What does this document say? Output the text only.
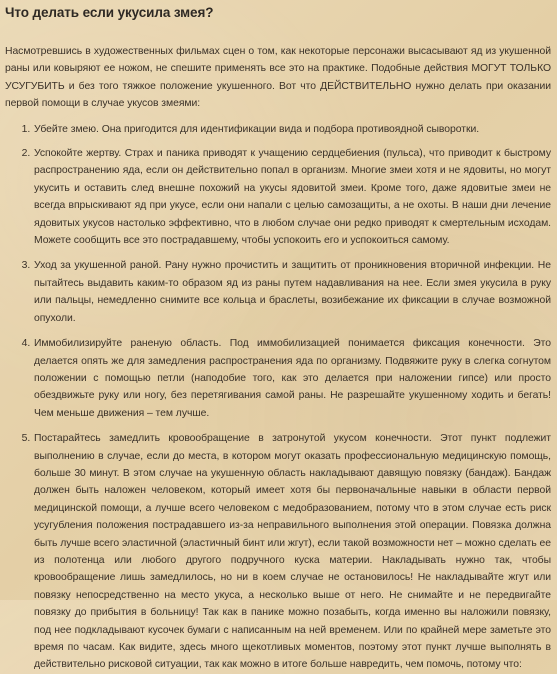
Что делать если укусила змея?

Насмотревшись в художественных фильмах сцен о том, как некоторые персонажи высасывают яд из укушенной раны или ковыряют ее ножом, не спешите применять все это на практике. Подобные действия МОГУТ ТОЛЬКО УСУГУБИТЬ и без того тяжкое положение укушенного. Вот что ДЕЙСТВИТЕЛЬНО нужно делать при оказании первой помощи в случае укусов змеями:

1. Убейте змею. Она пригодится для идентификации вида и подбора противоядной сыворотки.
2. Успокойте жертву. Страх и паника приводят к учащению сердцебиения (пульса), что приводит к быстрому распространению яда, если он действительно попал в организм. Многие змеи хотя и не ядовиты, но могут укусить и оставить след внешне похожий на укусы ядовитой змеи. Кроме того, даже ядовитые змеи не всегда впрыскивают яд при укусе, если они напали с целью самозащиты, а не охоты. В наши дни лечение ядовитых укусов настолько эффективно, что в любом случае они редко приводят к смертельным исходам. Можете сообщить все это пострадавшему, чтобы успокоить его и успокоиться самому.
3. Уход за укушенной раной. Рану нужно прочистить и защитить от проникновения вторичной инфекции. Не пытайтесь выдавить каким-то образом яд из раны путем надавливания на нее. Если змея укусила в руку или пальцы, немедленно снимите все кольца и браслеты, возибежание их фиксации в случае возможной опухоли.
4. Иммобилизируйте раненую область. Под иммобилизацией понимается фиксация конечности. Это делается опять же для замедления распространения яда по организму. Подвяжите руку в слегка согнутом положении с помощью петли (наподобие того, как это делается при наложении гипсе) или просто обездвижьте руку или ногу, без перетягивания самой раны. Не разрешайте укушенному ходить и бегать! Чем меньше движения – тем лучше.
5. Постарайтесь замедлить кровообращение в затронутой укусом конечности. Этот пункт подлежит выполнению в случае, если до места, в котором могут оказать профессиональную медицинскую помощь, больше 30 минут. В этом случае на укушенную область накладывают давящую повязку (бандаж). Бандаж должен быть наложен человеком, который имеет хотя бы первоначальные навыки в области первой медицинской помощи, а лучше всего человеком с медобразованием, потому что в этом случае есть риск усугубления положения пострадавшего из-за неправильного выполнения этой операции. Повязка должна быть лучше всего эластичной (эластичный бинт или жгут), если такой возможности нет – можно сделать ее из полотенца или любого другого подручного куска материи. Накладывать нужно так, чтобы кровообращение лишь замедлилось, но ни в коем случае не остановилось! Не накладывайте жгут или повязку непосредственно на место укуса, а несколько выше от него. Не снимайте и не передвигайте повязку до прибытия в больницу! Так как в панике можно позабыть, когда именно вы наложили повязку, под нее подкладывают кусочек бумаги с написанным на ней временем. Или по крайней мере заметьте это время по часам. Как видите, здесь много щекотливых моментов, поэтому этот пункт лучше выполнять в действительно рисковой ситуации, так как можно в итоге больше навредить, чем помочь, потому что:
